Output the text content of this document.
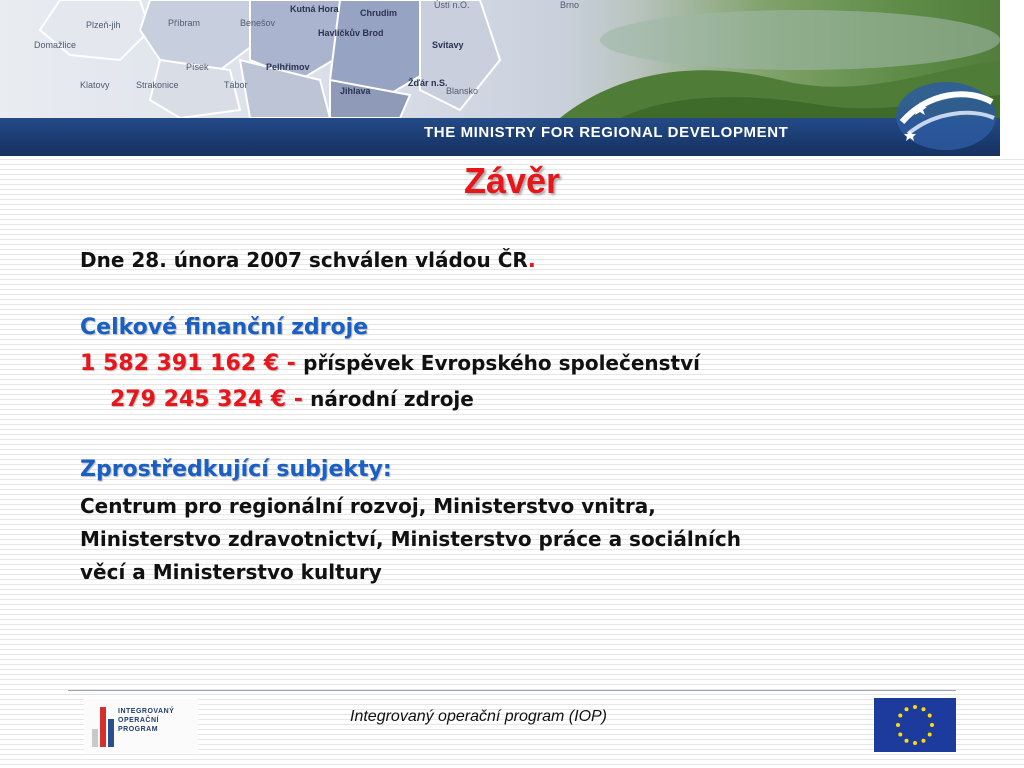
Plzeň-jih
Domažlice
Příbram	Benešov
Kutná Hora Chrudim
Havlíčkův Brod
Svitavy
Písek	Pelhřimov
Klatovy	Strakonice	Tábor
Jihlava
Žďár n.S.
Blansko
Ústí n.O.	Brno
THE MINISTRY FOR REGIONAL DEVELOPMENT
Závěr
Dne 28. února 2007 schválen vládou ČR.
Celkové finanční zdroje
1 582 391 162 € - příspěvek Evropského společenství
279 245 324 € - národní zdroje
Zprostředkující subjekty:
Centrum pro regionální rozvoj, Ministerstvo vnitra,
Ministerstvo zdravotnictví, Ministerstvo práce a sociálních
věcí a Ministerstvo kultury
INTEGROVANÝ
OPERAČNÍ
PROGRAM
Integrovaný operační program (IOP)
